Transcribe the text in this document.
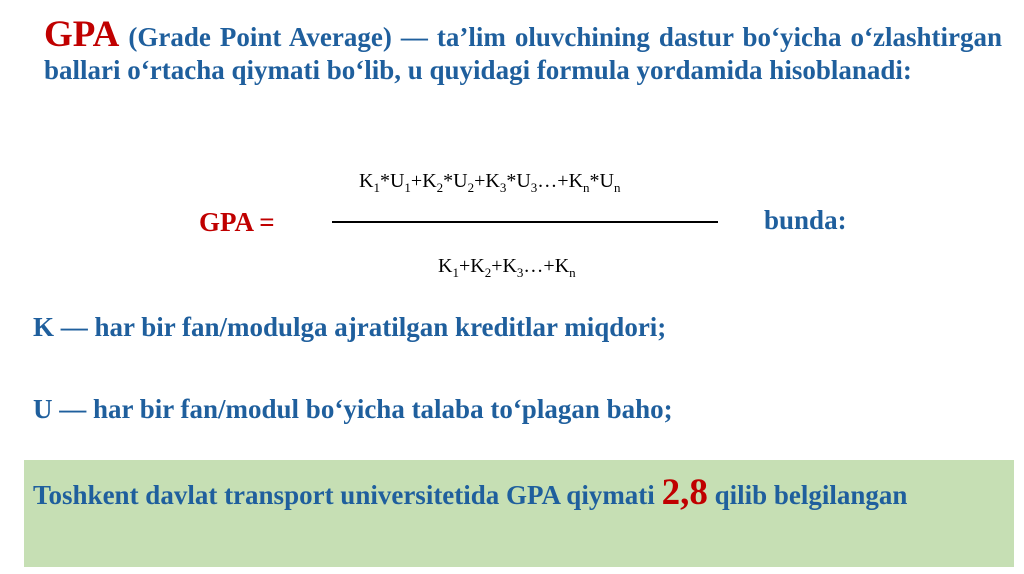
GPA (Grade Point Average) — ta’lim oluvchining dastur bo‘yicha o‘zlashtirgan ballari o‘rtacha qiymati bo‘lib, u quyidagi formula yordamida hisoblanadi:
GPA =
$K_1*U_1+K_2*U_2+K_3*U_3\dots+K_n*U_n$
$K_1+K_2+K_3\dots+K_n$
bunda:
K — har bir fan/modulga ajratilgan kreditlar miqdori;
U — har bir fan/modul bo‘yicha talaba to‘plagan baho;
Toshkent davlat transport universitetida GPA qiymati 2,8 qilib belgilangan
